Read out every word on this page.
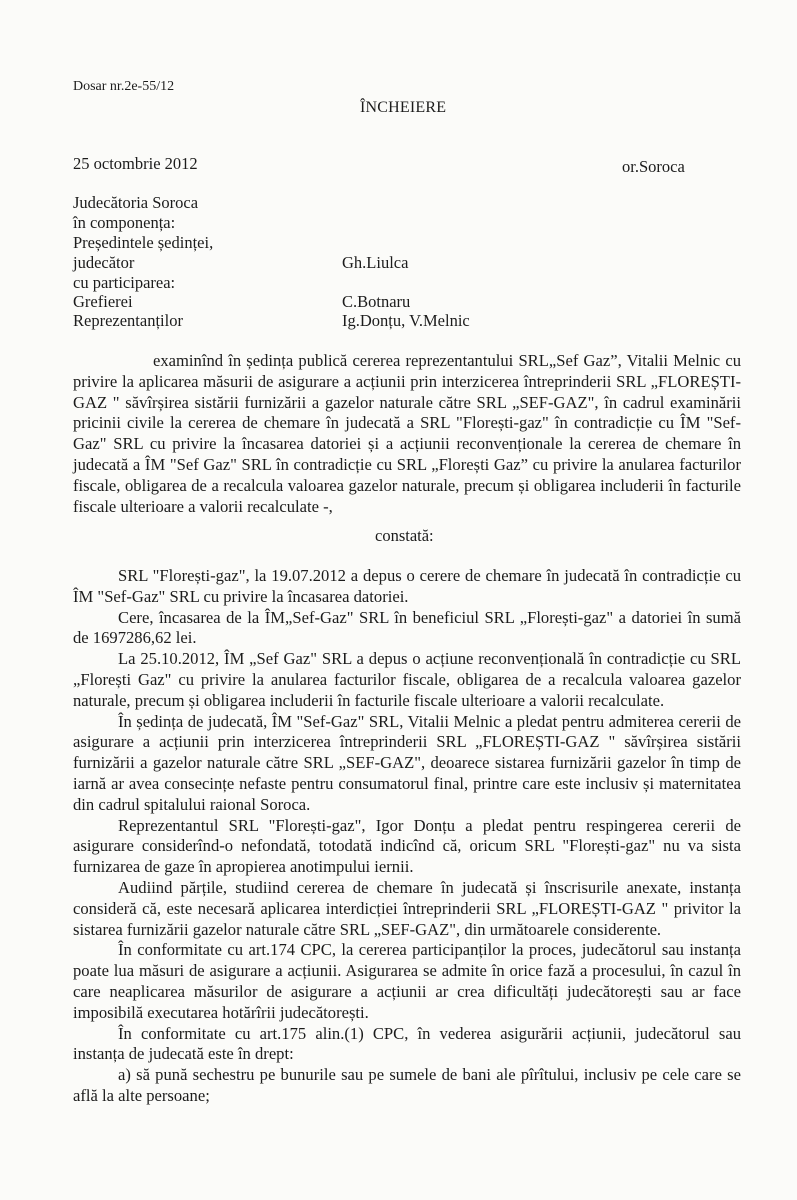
Dosar nr.2e-55/12
ÎNCHEIERE
25 octombrie 2012	or.Soroca
Judecătoria Soroca
în componența:
Președintele ședinței,
judecător	Gh.Liulca
cu participarea:
Grefierei	C.Botnaru
Reprezentanților	Ig.Donțu, V.Melnic

examinînd în ședința publică cererea reprezentantului SRL„Sef Gaz”, Vitalii Melnic cu privire la aplicarea măsurii de asigurare a acțiunii prin interzicerea întreprinderii SRL „FLOREȘTI-GAZ " săvîrșirea sistării furnizării a gazelor naturale către SRL „SEF-GAZ", în cadrul examinării pricinii civile la cererea de chemare în judecată a SRL "Florești-gaz" în contradicție cu ÎM "Sef-Gaz" SRL cu privire la încasarea datoriei și a acțiunii reconvenționale la cererea de chemare în judecată a ÎM "Sef Gaz" SRL în contradicție cu SRL „Florești Gaz” cu privire la anularea facturilor fiscale, obligarea de a recalcula valoarea gazelor naturale, precum și obligarea includerii în facturile fiscale ulterioare a valorii recalculate -,

constată:

SRL "Florești-gaz", la 19.07.2012 a depus o cerere de chemare în judecată în contradicție cu ÎM "Sef-Gaz" SRL cu privire la încasarea datoriei.

Cere, încasarea de la ÎM„Sef-Gaz" SRL în beneficiul SRL „Florești-gaz" a datoriei în sumă de 1697286,62 lei.

La 25.10.2012, ÎM „Sef Gaz" SRL a depus o acțiune reconvențională în contradicție cu SRL „Florești Gaz" cu privire la anularea facturilor fiscale, obligarea de a recalcula valoarea gazelor naturale, precum și obligarea includerii în facturile fiscale ulterioare a valorii recalculate.

În ședința de judecată, ÎM "Sef-Gaz" SRL, Vitalii Melnic a pledat pentru admiterea cererii de asigurare a acțiunii prin interzicerea întreprinderii SRL „FLOREȘTI-GAZ " săvîrșirea sistării furnizării a gazelor naturale către SRL „SEF-GAZ", deoarece sistarea furnizării gazelor în timp de iarnă ar avea consecințe nefaste pentru consumatorul final, printre care este inclusiv și maternitatea din cadrul spitalului raional Soroca.

Reprezentantul SRL "Florești-gaz", Igor Donțu a pledat pentru respingerea cererii de asigurare considerînd-o nefondată, totodată indicînd că, oricum SRL "Florești-gaz" nu va sista furnizarea de gaze în apropierea anotimpului iernii.

Audiind părțile, studiind cererea de chemare în judecată și înscrisurile anexate, instanța consideră că, este necesară aplicarea interdicției întreprinderii SRL „FLOREȘTI-GAZ " privitor la sistarea furnizării gazelor naturale către SRL „SEF-GAZ", din următoarele considerente.

În conformitate cu art.174 CPC, la cererea participanților la proces, judecătorul sau instanța poate lua măsuri de asigurare a acțiunii. Asigurarea se admite în orice fază a procesului, în cazul în care neaplicarea măsurilor de asigurare a acțiunii ar crea dificultăți judecătorești sau ar face imposibilă executarea hotărîrii judecătorești.

În conformitate cu art.175 alin.(1) CPC, în vederea asigurării acțiunii, judecătorul sau instanța de judecată este în drept:

a) să pună sechestru pe bunurile sau pe sumele de bani ale pîrîtului, inclusiv pe cele care se află la alte persoane;
